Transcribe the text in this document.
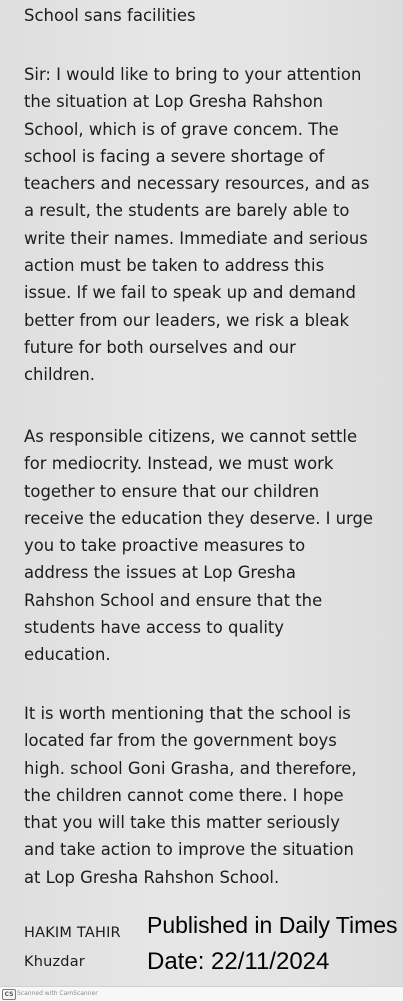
School sans facilities
Sir: I would like to bring to your attention
the situation at Lop Gresha Rahshon
School, which is of grave concem. The
school is facing a severe shortage of
teachers and necessary resources, and as
a result, the students are barely able to
write their names. Immediate and serious
action must be taken to address this
issue. If we fail to speak up and demand
better from our leaders, we risk a bleak
future for both ourselves and our
children.
As responsible citizens, we cannot settle
for mediocrity. Instead, we must work
together to ensure that our children
receive the education they deserve. I urge
you to take proactive measures to
address the issues at Lop Gresha
Rahshon School and ensure that the
students have access to quality
education.
It is worth mentioning that the school is
located far from the government boys
high. school Goni Grasha, and therefore,
the children cannot come there. I hope
that you will take this matter seriously
and take action to improve the situation
at Lop Gresha Rahshon School.
HAKIM TAHIR
Khuzdar
Published in Daily Times
Date: 22/11/2024
CS Scanned with CamScanner
